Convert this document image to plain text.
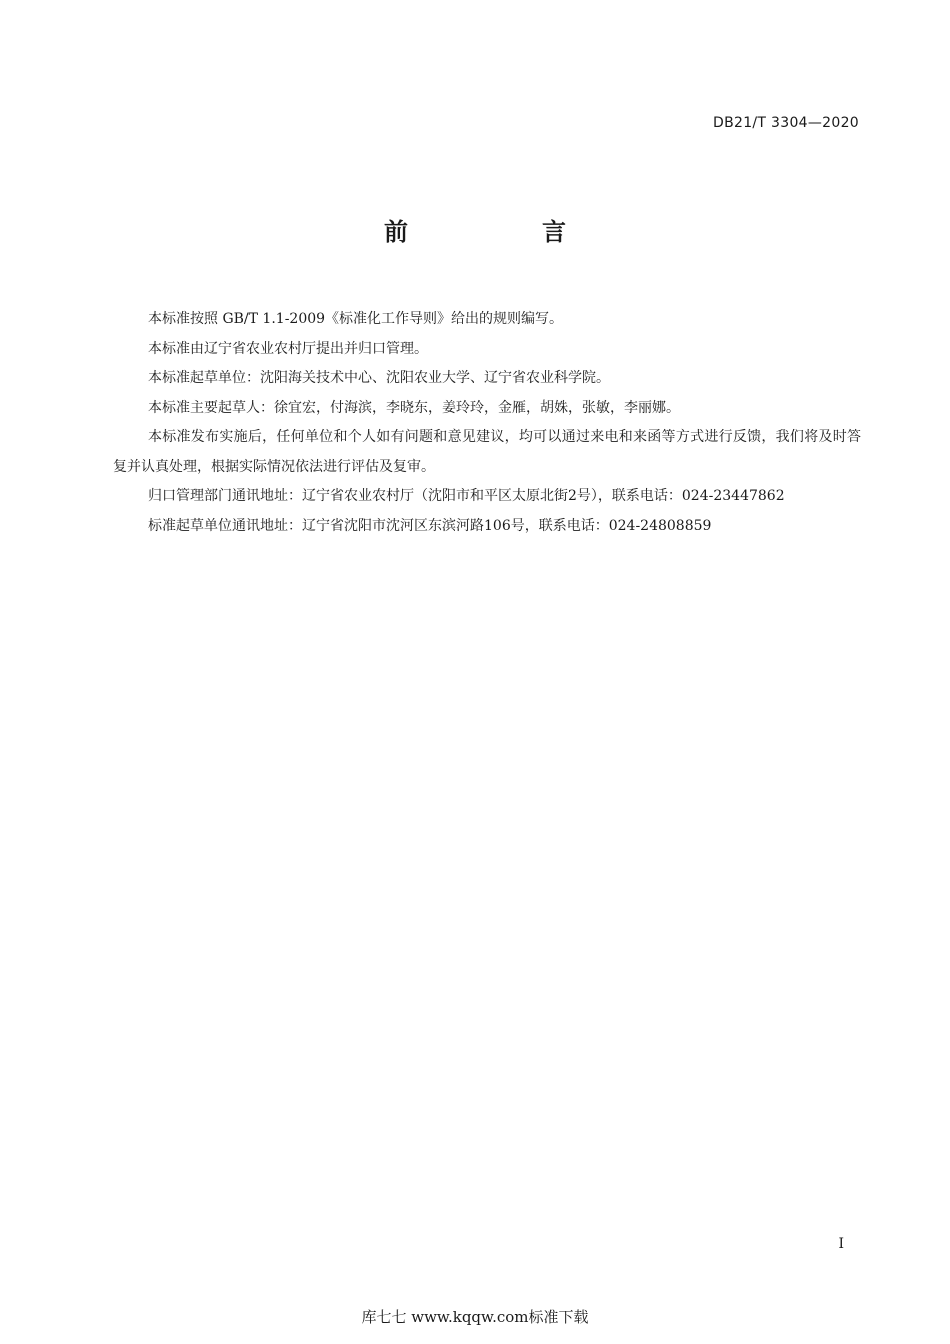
DB21/T 3304—2020
前　言

本标准按照 GB/T 1.1-2009《标准化工作导则》给出的规则编写。

本标准由辽宁省农业农村厅提出并归口管理。

本标准起草单位：沈阳海关技术中心、沈阳农业大学、辽宁省农业科学院。

本标准主要起草人：徐宜宏，付海滨，李晓东，姜玲玲，金雁，胡姝，张敏，李丽娜。

本标准发布实施后，任何单位和个人如有问题和意见建议，均可以通过来电和来函等方式进行反馈，我们将及时答复并认真处理，根据实际情况依法进行评估及复审。

归口管理部门通讯地址：辽宁省农业农村厅（沈阳市和平区太原北街2号），联系电话：024-23447862

标准起草单位通讯地址：辽宁省沈阳市沈河区东滨河路106号，联系电话：024-24808859

I
库七七 www.kqqw.com标准下载
